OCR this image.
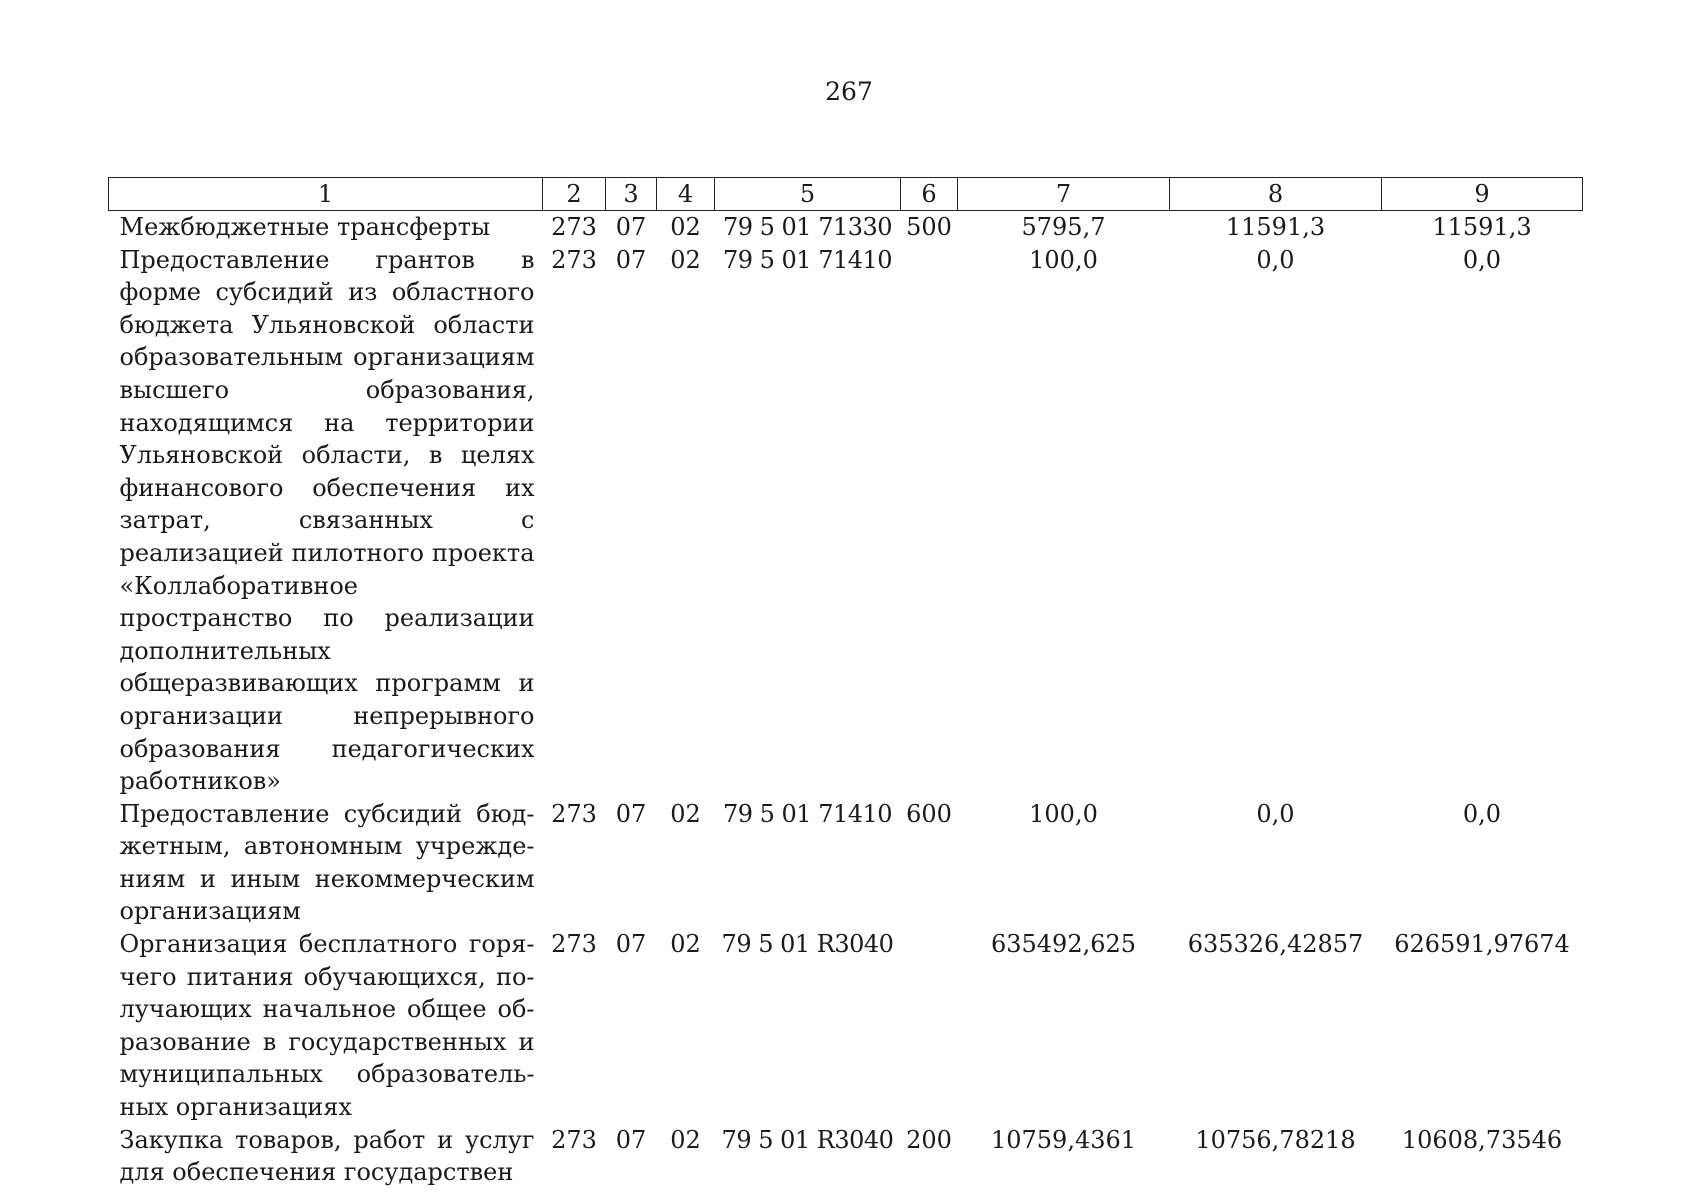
267
1	2	3	4	5	6	7	8	9
Межбюджетные трансферты	273	07	02	79 5 01 71330	500	5795,7	11591,3	11591,3
Предоставление грантов в форме субсидий из областного бюджета Ульяновской области образовательным организациям высшего образования, находящимся на территории Ульяновской области, в целях финансового обеспечения их затрат, связанных с реализацией пилотного проекта «Коллаборативное пространство по реализации дополнительных общеразвивающих программ и организации непрерывного образования педагогических работников»	273	07	02	79 5 01 71410		100,0	0,0	0,0
Предоставление субсидий бюджетным, автономным учреждениям и иным некоммерческим организациям	273	07	02	79 5 01 71410	600	100,0	0,0	0,0
Организация бесплатного горячего питания обучающихся, получающих начальное общее образование в государственных и муниципальных образовательных организациях	273	07	02	79 5 01 R3040		635492,625	635326,42857	626591,97674
Закупка товаров, работ и услуг для обеспечения государствен	273	07	02	79 5 01 R3040	200	10759,4361	10756,78218	10608,73546
